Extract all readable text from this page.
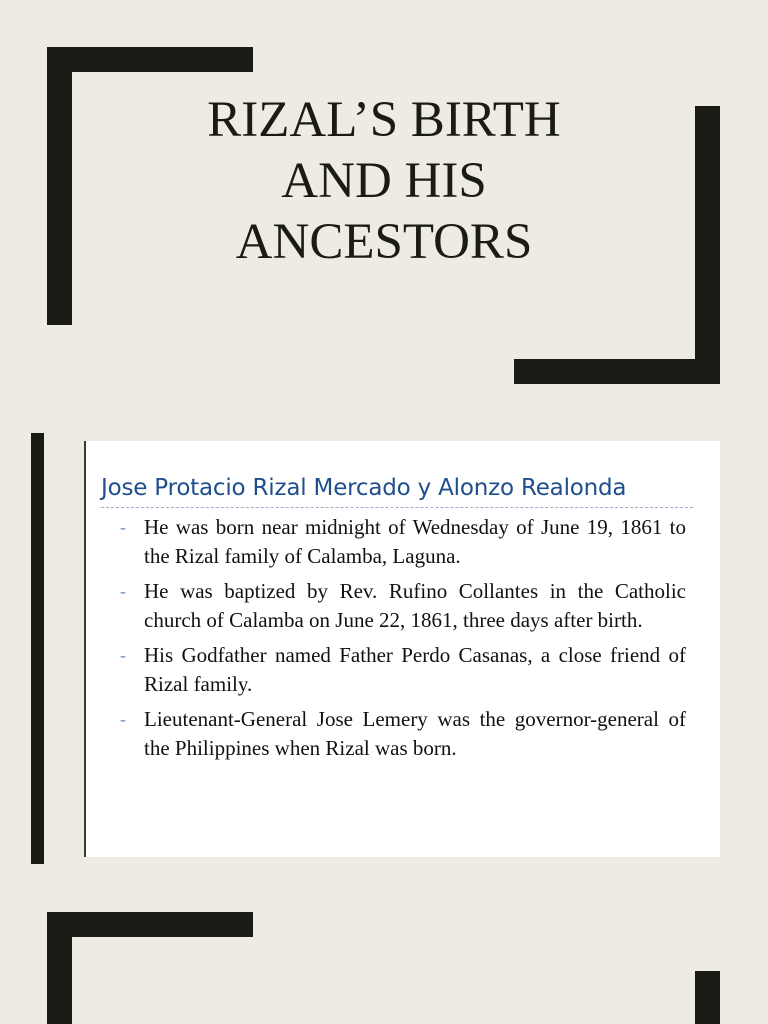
RIZAL’S BIRTH
AND HIS
ANCESTORS
Jose Protacio Rizal Mercado y Alonzo Realonda
- He was born near midnight of Wednesday of June 19, 1861 to the Rizal family of Calamba, Laguna.
- He was baptized by Rev. Rufino Collantes in the Catholic church of Calamba on June 22, 1861, three days after birth.
- His Godfather named Father Perdo Casanas, a close friend of Rizal family.
- Lieutenant-General Jose Lemery was the governor-general of the Philippines when Rizal was born.
